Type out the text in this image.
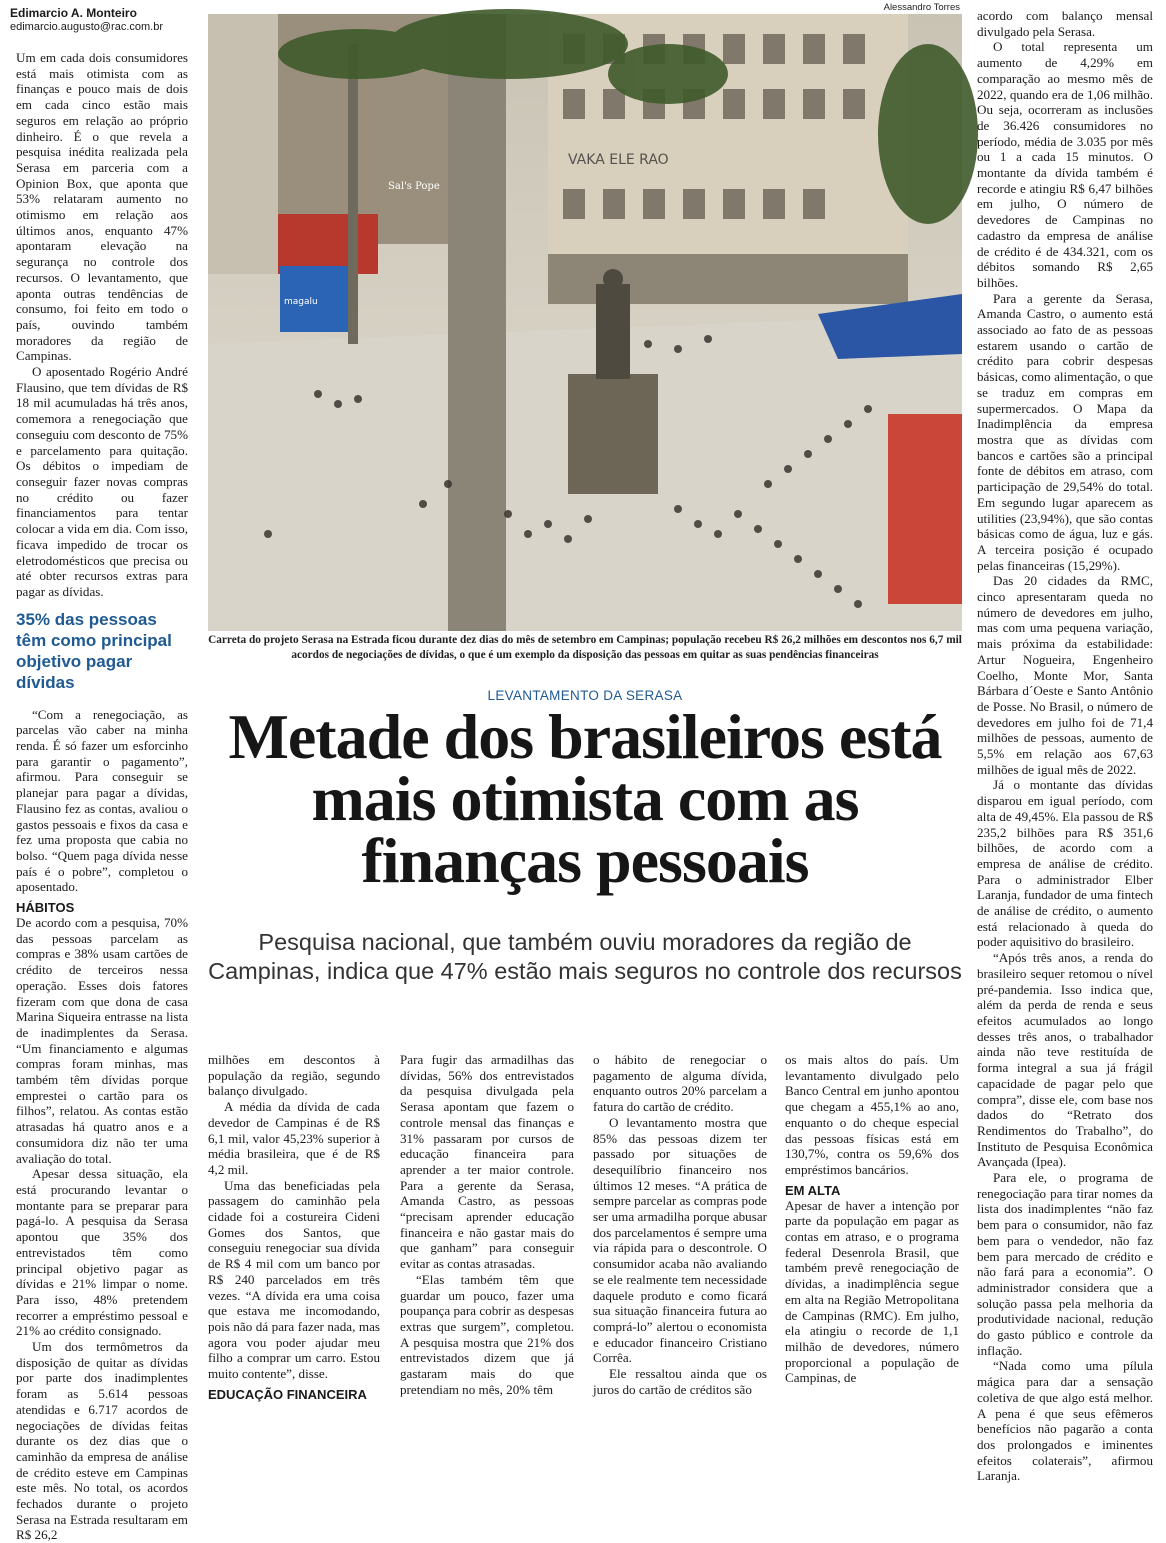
Edimarcio A. Monteiro
edimarcio.augusto@rac.com.br

Um em cada dois consumidores está mais otimista com as finanças e pouco mais de dois em cada cinco estão mais seguros em relação ao próprio dinheiro. É o que revela a pesquisa inédita realizada pela Serasa em parceria com a Opinion Box, que aponta que 53% relataram aumento no otimismo em relação aos últimos anos, enquanto 47% apontaram elevação na segurança no controle dos recursos. O levantamento, que aponta outras tendências de consumo, foi feito em todo o país, ouvindo também moradores da região de Campinas.

O aposentado Rogério André Flausino, que tem dívidas de R$ 18 mil acumuladas há três anos, comemora a renegociação que conseguiu com desconto de 75% e parcelamento para quitação. Os débitos o impediam de conseguir fazer novas compras no crédito ou fazer financiamentos para tentar colocar a vida em dia. Com isso, ficava impedido de trocar os eletrodomésticos que precisa ou até obter recursos extras para pagar as dívidas.

35% das pessoas têm como principal objetivo pagar dívidas

“Com a renegociação, as parcelas vão caber na minha renda. É só fazer um esforcinho para garantir o pagamento”, afirmou. Para conseguir se planejar para pagar a dívidas, Flausino fez as contas, avaliou o gastos pessoais e fixos da casa e fez uma proposta que cabia no bolso. “Quem paga dívida nesse país é o pobre”, completou o aposentado.

HÁBITOS

De acordo com a pesquisa, 70% das pessoas parcelam as compras e 38% usam cartões de crédito de terceiros nessa operação. Esses dois fatores fizeram com que dona de casa Marina Siqueira entrasse na lista de inadimplentes da Serasa. “Um financiamento e algumas compras foram minhas, mas também têm dívidas porque emprestei o cartão para os filhos”, relatou. As contas estão atrasadas há quatro anos e a consumidora diz não ter uma avaliação do total.

Apesar dessa situação, ela está procurando levantar o montante para se preparar para pagá-lo. A pesquisa da Serasa apontou que 35% dos entrevistados têm como principal objetivo pagar as dívidas e 21% limpar o nome. Para isso, 48% pretendem recorrer a empréstimo pessoal e 21% ao crédito consignado.

Um dos termômetros da disposição de quitar as dívidas por parte dos inadimplentes foram as 5.614 pessoas atendidas e 6.717 acordos de negociações de dívidas feitas durante os dez dias que o caminhão da empresa de análise de crédito esteve em Campinas este mês. No total, os acordos fechados durante o projeto Serasa na Estrada resultaram em R$ 26,2

Alessandro Torres
VAKA ELE RAO
Sal's Pope
magalu
Carreta do projeto Serasa na Estrada ficou durante dez dias do mês de setembro em Campinas; população recebeu R$ 26,2 milhões em descontos nos 6,7 mil acordos de negociações de dívidas, o que é um exemplo da disposição das pessoas em quitar as suas pendências financeiras
LEVANTAMENTO DA SERASA
Metade dos brasileiros está mais otimista com as finanças pessoais
Pesquisa nacional, que também ouviu moradores da região de Campinas, indica que 47% estão mais seguros no controle dos recursos

milhões em descontos à população da região, segundo balanço divulgado.

A média da dívida de cada devedor de Campinas é de R$ 6,1 mil, valor 45,23% superior à média brasileira, que é de R$ 4,2 mil.

Uma das beneficiadas pela passagem do caminhão pela cidade foi a costureira Cideni Gomes dos Santos, que conseguiu renegociar sua dívida de R$ 4 mil com um banco por R$ 240 parcelados em três vezes. “A dívida era uma coisa que estava me incomodando, pois não dá para fazer nada, mas agora vou poder ajudar meu filho a comprar um carro. Estou muito contente”, disse.

EDUCAÇÃO FINANCEIRA

Para fugir das armadilhas das dívidas, 56% dos entrevistados da pesquisa divulgada pela Serasa apontam que fazem o controle mensal das finanças e 31% passaram por cursos de educação financeira para aprender a ter maior controle. Para a gerente da Serasa, Amanda Castro, as pessoas “precisam aprender educação financeira e não gastar mais do que ganham” para conseguir evitar as contas atrasadas.

“Elas também têm que guardar um pouco, fazer uma poupança para cobrir as despesas extras que surgem”, completou. A pesquisa mostra que 21% dos entrevistados dizem que já gastaram mais do que pretendiam no mês, 20% têm

o hábito de renegociar o pagamento de alguma dívida, enquanto outros 20% parcelam a fatura do cartão de crédito.

O levantamento mostra que 85% das pessoas dizem ter passado por situações de desequilíbrio financeiro nos últimos 12 meses. “A prática de sempre parcelar as compras pode ser uma armadilha porque abusar dos parcelamentos é sempre uma via rápida para o descontrole. O consumidor acaba não avaliando se ele realmente tem necessidade daquele produto e como ficará sua situação financeira futura ao comprá-lo” alertou o economista e educador financeiro Cristiano Corrêa.

Ele ressaltou ainda que os juros do cartão de créditos são

os mais altos do país. Um levantamento divulgado pelo Banco Central em junho apontou que chegam a 455,1% ao ano, enquanto o do cheque especial das pessoas físicas está em 130,7%, contra os 59,6% dos empréstimos bancários.

EM ALTA

Apesar de haver a intenção por parte da população em pagar as contas em atraso, e o programa federal Desenrola Brasil, que também prevê renegociação de dívidas, a inadimplência segue em alta na Região Metropolitana de Campinas (RMC). Em julho, ela atingiu o recorde de 1,1 milhão de devedores, número proporcional a população de Campinas, de

acordo com balanço mensal divulgado pela Serasa.

O total representa um aumento de 4,29% em comparação ao mesmo mês de 2022, quando era de 1,06 milhão. Ou seja, ocorreram as inclusões de 36.426 consumidores no período, média de 3.035 por mês ou 1 a cada 15 minutos. O montante da dívida também é recorde e atingiu R$ 6,47 bilhões em julho, O número de devedores de Campinas no cadastro da empresa de análise de crédito é de 434.321, com os débitos somando R$ 2,65 bilhões.

Para a gerente da Serasa, Amanda Castro, o aumento está associado ao fato de as pessoas estarem usando o cartão de crédito para cobrir despesas básicas, como alimentação, o que se traduz em compras em supermercados. O Mapa da Inadimplência da empresa mostra que as dívidas com bancos e cartões são a principal fonte de débitos em atraso, com participação de 29,54% do total. Em segundo lugar aparecem as utilities (23,94%), que são contas básicas como de água, luz e gás. A terceira posição é ocupado pelas financeiras (15,29%).

Das 20 cidades da RMC, cinco apresentaram queda no número de devedores em julho, mas com uma pequena variação, mais próxima da estabilidade: Artur Nogueira, Engenheiro Coelho, Monte Mor, Santa Bárbara d´Oeste e Santo Antônio de Posse. No Brasil, o número de devedores em julho foi de 71,4 milhões de pessoas, aumento de 5,5% em relação aos 67,63 milhões de igual mês de 2022.

Já o montante das dívidas disparou em igual período, com alta de 49,45%. Ela passou de R$ 235,2 bilhões para R$ 351,6 bilhões, de acordo com a empresa de análise de crédito. Para o administrador Elber Laranja, fundador de uma fintech de análise de crédito, o aumento está relacionado à queda do poder aquisitivo do brasileiro.

“Após três anos, a renda do brasileiro sequer retomou o nível pré-pandemia. Isso indica que, além da perda de renda e seus efeitos acumulados ao longo desses três anos, o trabalhador ainda não teve restituída de forma integral a sua já frágil capacidade de pagar pelo que compra”, disse ele, com base nos dados do “Retrato dos Rendimentos do Trabalho”, do Instituto de Pesquisa Econômica Avançada (Ipea).

Para ele, o programa de renegociação para tirar nomes da lista dos inadimplentes “não faz bem para o consumidor, não faz bem para o vendedor, não faz bem para mercado de crédito e não fará para a economia”. O administrador considera que a solução passa pela melhoria da produtividade nacional, redução do gasto público e controle da inflação.

“Nada como uma pílula mágica para dar a sensação coletiva de que algo está melhor. A pena é que seus efêmeros benefícios não pagarão a conta dos prolongados e iminentes efeitos colaterais”, afirmou Laranja.
